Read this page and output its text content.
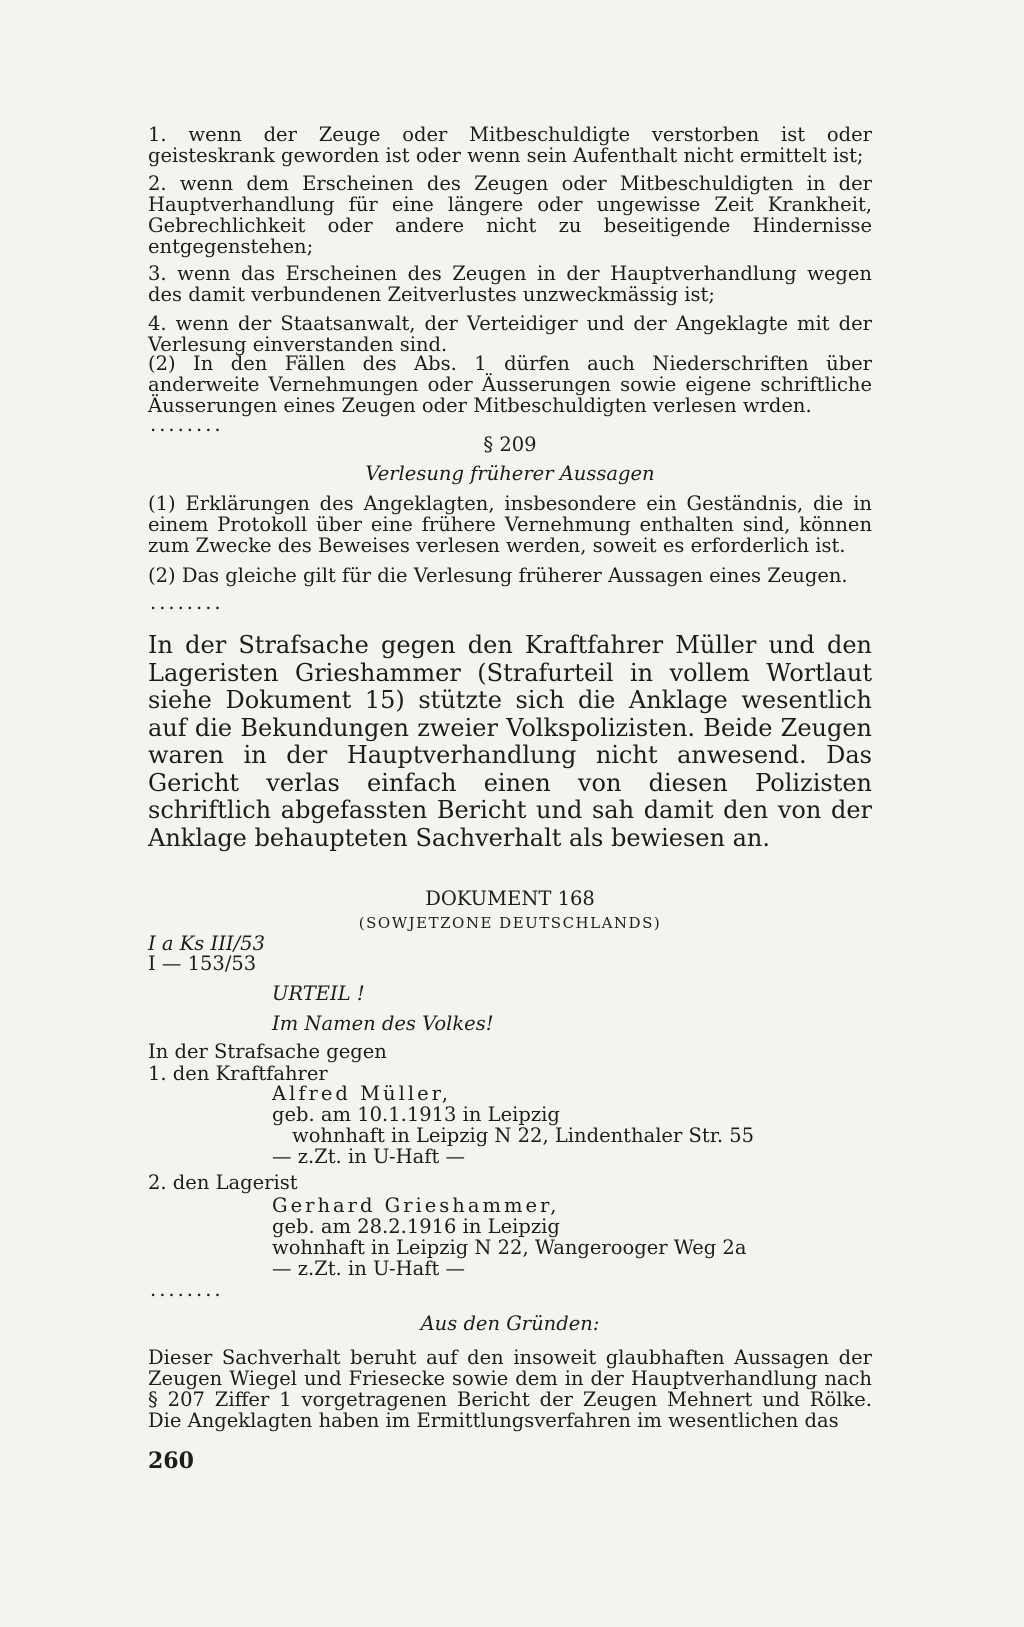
1. wenn der Zeuge oder Mitbeschuldigte verstorben ist oder geisteskrank geworden ist oder wenn sein Aufenthalt nicht ermittelt ist;
2. wenn dem Erscheinen des Zeugen oder Mitbeschuldigten in der Hauptverhandlung für eine längere oder ungewisse Zeit Krankheit, Gebrechlichkeit oder andere nicht zu beseitigende Hindernisse entgegenstehen;
3. wenn das Erscheinen des Zeugen in der Hauptverhandlung wegen des damit verbundenen Zeitverlustes unzweckmässig ist;
4. wenn der Staatsanwalt, der Verteidiger und der Angeklagte mit der Verlesung einverstanden sind.
(2) In den Fällen des Abs. 1 dürfen auch Niederschriften über anderweite Vernehmungen oder Äusserungen sowie eigene schriftliche Äusserungen eines Zeugen oder Mitbeschuldigten verlesen wrden.
........
§ 209
Verlesung früherer Aussagen
(1) Erklärungen des Angeklagten, insbesondere ein Geständnis, die in einem Protokoll über eine frühere Vernehmung enthalten sind, können zum Zwecke des Beweises verlesen werden, soweit es erforderlich ist.
(2) Das gleiche gilt für die Verlesung früherer Aussagen eines Zeugen.
........
In der Strafsache gegen den Kraftfahrer Müller und den Lageristen Grieshammer (Strafurteil in vollem Wortlaut siehe Dokument 15) stützte sich die Anklage wesentlich auf die Bekundungen zweier Volkspolizisten. Beide Zeugen waren in der Hauptverhandlung nicht anwesend. Das Gericht verlas einfach einen von diesen Polizisten schriftlich abgefassten Bericht und sah damit den von der Anklage behaupteten Sachverhalt als bewiesen an.
DOKUMENT 168
(SOWJETZONE DEUTSCHLANDS)
I a Ks III/53
I — 153/53
URTEIL !
Im Namen des Volkes!
In der Strafsache gegen
1. den Kraftfahrer
Alfred Müller,
geb. am 10.1.1913 in Leipzig
wohnhaft in Leipzig N 22, Lindenthaler Str. 55
— z.Zt. in U-Haft —
2. den Lagerist
Gerhard Grieshammer,
geb. am 28.2.1916 in Leipzig
wohnhaft in Leipzig N 22, Wangerooger Weg 2a
— z.Zt. in U-Haft —
........
Aus den Gründen:
Dieser Sachverhalt beruht auf den insoweit glaubhaften Aussagen der Zeugen Wiegel und Friesecke sowie dem in der Hauptverhandlung nach § 207 Ziffer 1 vorgetragenen Bericht der Zeugen Mehnert und Rölke. Die Angeklagten haben im Ermittlungsverfahren im wesentlichen das
260
